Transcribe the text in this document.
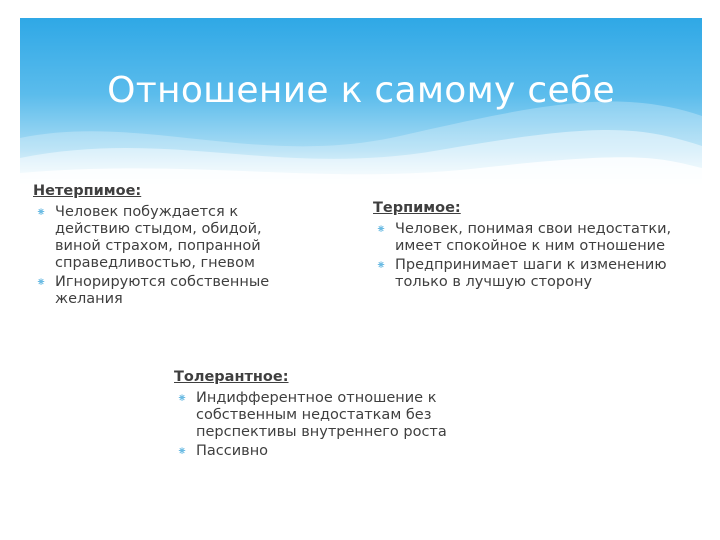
Отношение к самому себе
Нетерпимое:
⁕ Человек побуждается к действию стыдом, обидой, виной страхом, попранной справедливостью, гневом
⁕ Игнорируются собственные желания
Терпимое:
⁕ Человек, понимая свои недостатки, имеет спокойное к ним отношение
⁕ Предпринимает шаги к изменению только в лучшую сторону
Толерантное:
⁕ Индифферентное отношение к собственным недостаткам без перспективы внутреннего роста
⁕ Пассивно
